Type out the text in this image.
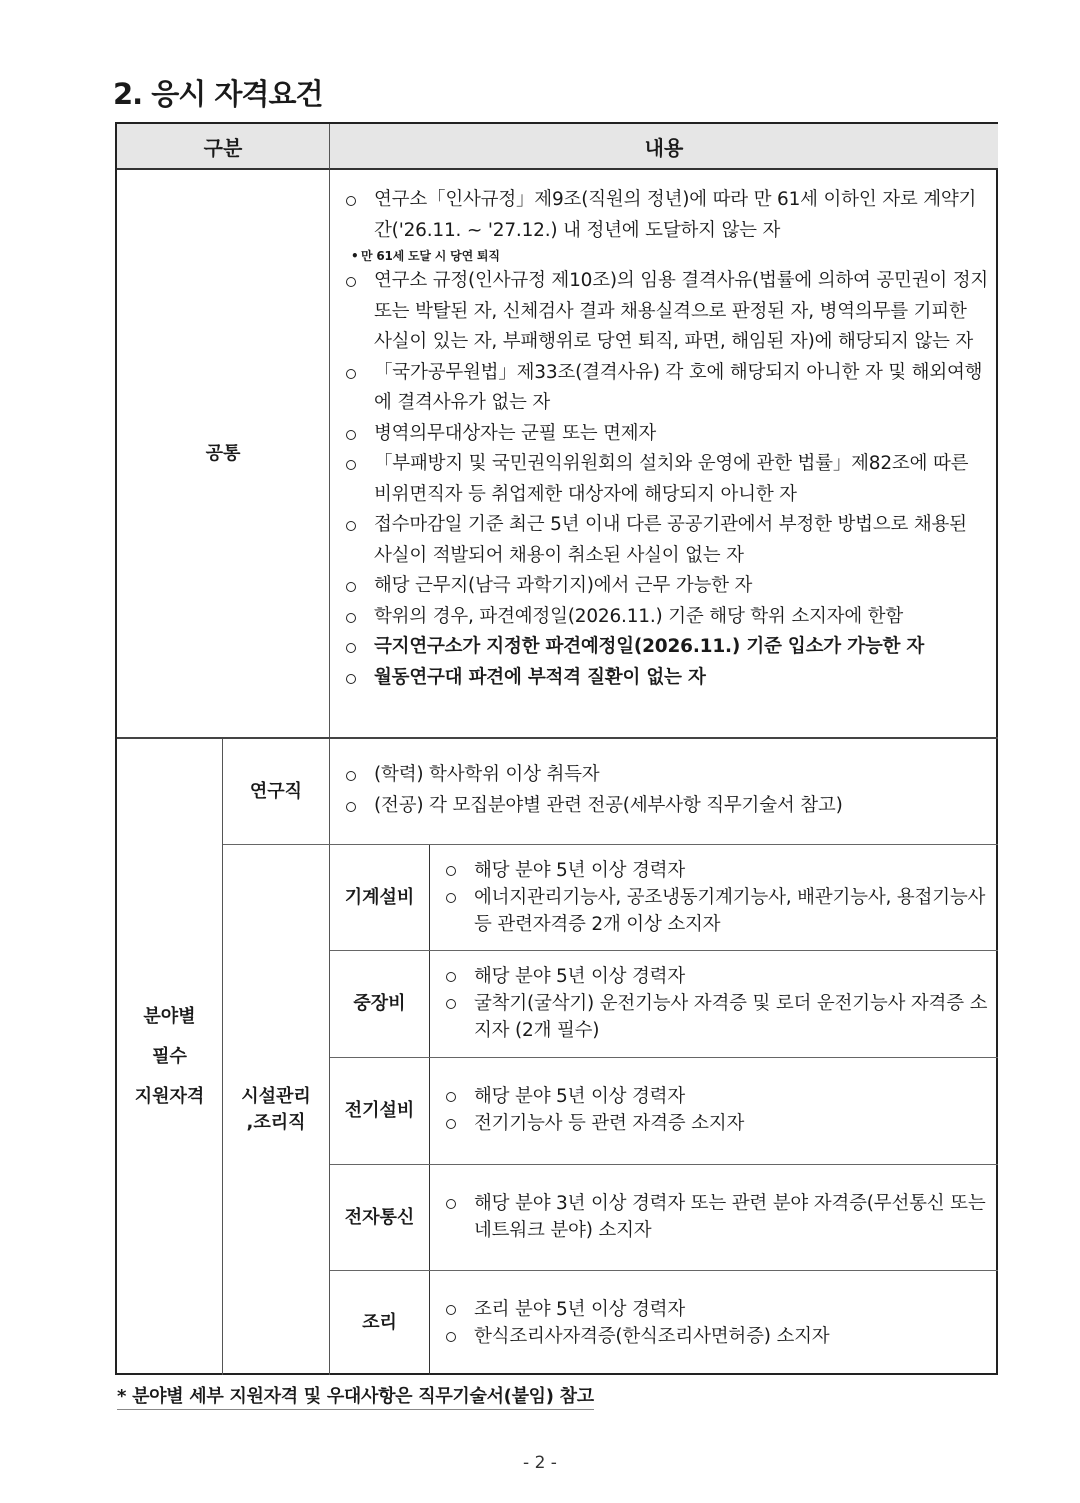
2. 응시 자격요건
구분	내용
공통
연구소「인사규정」제9조(직원의 정년)에 따라 만 61세 이하인 자로 계약기간('26.11. ~ '27.12.) 내 정년에 도달하지 않는 자
• 만 61세 도달 시 당연 퇴직
연구소 규정(인사규정 제10조)의 임용 결격사유(법률에 의하여 공민권이 정지 또는 박탈된 자, 신체검사 결과 채용실격으로 판정된 자, 병역의무를 기피한 사실이 있는 자, 부패행위로 당연 퇴직, 파면, 해임된 자)에 해당되지 않는 자
「국가공무원법」제33조(결격사유) 각 호에 해당되지 아니한 자 및 해외여행에 결격사유가 없는 자
병역의무대상자는 군필 또는 면제자
「부패방지 및 국민권익위원회의 설치와 운영에 관한 법률」제82조에 따른 비위면직자 등 취업제한 대상자에 해당되지 아니한 자
접수마감일 기준 최근 5년 이내 다른 공공기관에서 부정한 방법으로 채용된 사실이 적발되어 채용이 취소된 사실이 없는 자
해당 근무지(남극 과학기지)에서 근무 가능한 자
학위의 경우, 파견예정일(2026.11.) 기준 해당 학위 소지자에 한함
극지연구소가 지정한 파견예정일(2026.11.) 기준 입소가 가능한 자
월동연구대 파견에 부적격 질환이 없는 자
분야별
필수
지원자격
연구직
(학력) 학사학위 이상 취득자
(전공) 각 모집분야별 관련 전공(세부사항 직무기술서 참고)
시설관리
,조리직
기계설비
해당 분야 5년 이상 경력자
에너지관리기능사, 공조냉동기계기능사, 배관기능사, 용접기능사 등 관련자격증 2개 이상 소지자
중장비
해당 분야 5년 이상 경력자
굴착기(굴삭기) 운전기능사 자격증 및 로더 운전기능사 자격증 소지자 (2개 필수)
전기설비
해당 분야 5년 이상 경력자
전기기능사 등 관련 자격증 소지자
전자통신
해당 분야 3년 이상 경력자 또는 관련 분야 자격증(무선통신 또는 네트워크 분야) 소지자
조리
조리 분야 5년 이상 경력자
한식조리사자격증(한식조리사면허증) 소지자
* 분야별 세부 지원자격 및 우대사항은 직무기술서(붙임) 참고
- 2 -
